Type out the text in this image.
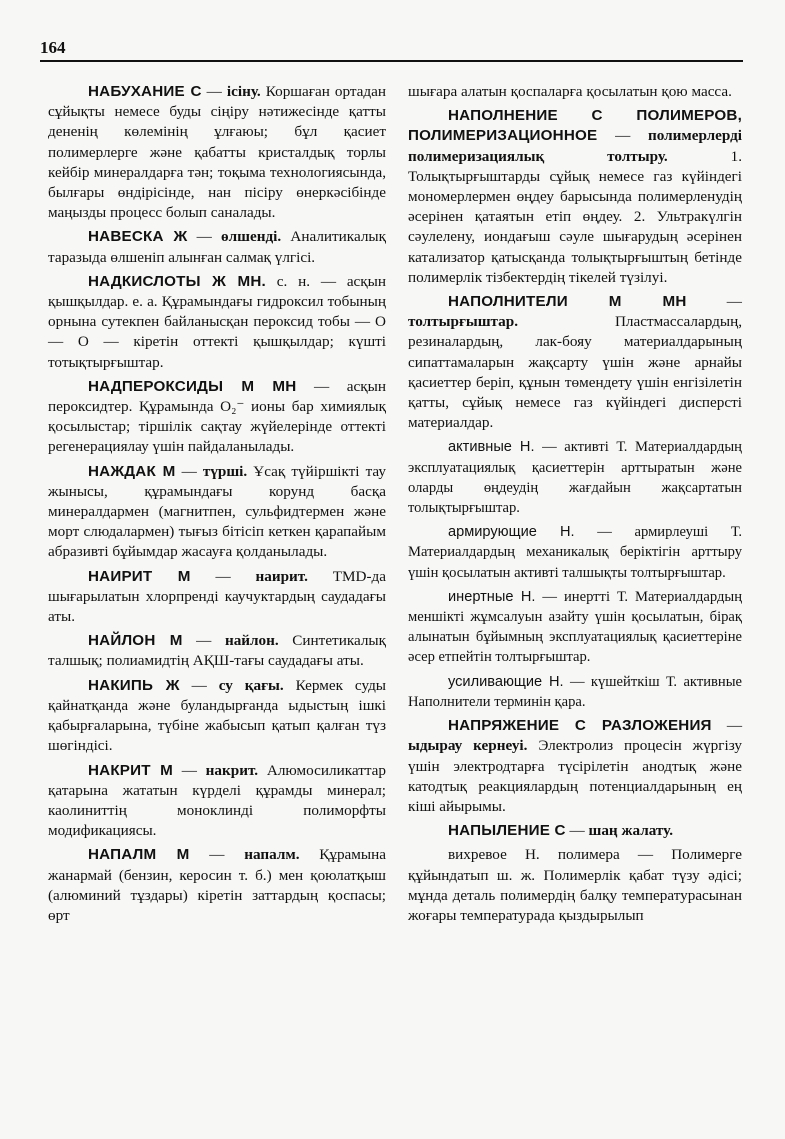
164

НАБУХАНИЕ С — ісіну. Коршаған ортадан сұйықты немесе буды сіңіру нәтижесінде қатты дененің көлемінің ұлғаюы; бұл қасиет полимерлерге және қабатты кристалдық торлы кейбір минералдарға тән; тоқыма технологиясында, былғары өндірісінде, нан пісіру өнеркәсібінде маңызды процесс болып саналады.

НАВЕСКА Ж — өлшенді. Аналитикалық таразыда өлшеніп алынған салмақ үлгісі.

НАДКИСЛОТЫ Ж МН. с. н. — асқын қышқылдар. е. а. Құрамындағы гидроксил тобының орнына сутекпен байланысқан пероксид тобы — О — О — кіретін оттекті қышқылдар; күшті тотықтырғыштар.

НАДПЕРОКСИДЫ М МН — асқын пероксидтер. Құрамында O₂⁻ ионы бар химиялық қосылыстар; тіршілік сақтау жүйелерінде оттекті регенерациялау үшін пайдаланылады.

НАЖДАК М — түрші. Ұсақ түйіршікті тау жынысы, құрамындағы корунд басқа минералдармен (магнитпен, сульфидтермен және морт слюдалармен) тығыз бітісіп кеткен қарапайым абразивті бұйымдар жасауға қолданылады.

НАИРИТ М — наирит. TMD-да шығарылатын хлорпренді каучуктардың саудадағы аты.

НАЙЛОН М — найлон. Синтетикалық талшық; полиамидтің АҚШ-тағы саудадағы аты.

НАКИПЬ Ж — су қағы. Кермек суды қайнатқанда және буландырғанда ыдыстың ішкі қабырғаларына, түбіне жабысып қатып қалған түз шөгіндісі.

НАКРИТ М — накрит. Алюмосиликаттар қатарына жататын күрделі құрамды минерал; каолиниттің моноклинді полиморфты модификациясы.

НАПАЛМ М — напалм. Құрамына жанармай (бензин, керосин т. б.) мен қоюлатқыш (алюминий тұздары) кіретін заттардың қоспасы; өрт

шығара алатын қоспаларға қосылатын қою масса.

НАПОЛНЕНИЕ С ПОЛИМЕРОВ, ПОЛИМЕРИЗАЦИОННОЕ — полимерлерді полимеризациялық толтыру. 1. Толықтырғыштарды сұйық немесе газ күйіндегі мономерлермен өңдеу барысында полимерленудің әсерінен қатаятын етіп өңдеу. 2. Ультракүлгін сәулелену, иондағыш сәуле шығарудың әсерінен катализатор қатысқанда толықтырғыштың бетінде полимерлік тізбектердің тікелей түзілуі.

НАПОЛНИТЕЛИ М МН — толтырғыштар. Пластмассалардың, резиналардың, лак-бояу материалдарының сипаттамаларын жақсарту үшін және арнайы қасиеттер беріп, құнын төмендету үшін енгізілетін қатты, сұйық немесе газ күйіндегі дисперсті материалдар.

активные Н. — активті Т. Материалдардың эксплуатациялық қасиеттерін арттыратын және оларды өңдеудің жағдайын жақсартатын толықтырғыштар.

армирующие Н. — армирлеуші Т. Материалдардың механикалық беріктігін арттыру үшін қосылатын активті талшықты толтырғыштар.

инертные Н. — инертті Т. Материалдардың меншікті жұмсалуын азайту үшін қосылатын, бірақ алынатын бұйымның эксплуатациялық қасиеттеріне әсер етпейтін толтырғыштар.

усиливающие Н. — күшейткіш Т. активные Наполнители терминін қара.

НАПРЯЖЕНИЕ С РАЗЛОЖЕНИЯ — ыдырау кернеуі. Электролиз процесін жүргізу үшін электродтарға түсірілетін анодтық және катодтық реакциялардың потенциалдарының ең кіші айырымы.

НАПЫЛЕНИЕ С — шаң жалату.

вихревое Н. полимера — Полимерге құйындатып ш. ж. Полимерлік қабат түзу әдісі; мұнда деталь полимердің балқу температурасынан жоғары температурада қыздырылып
